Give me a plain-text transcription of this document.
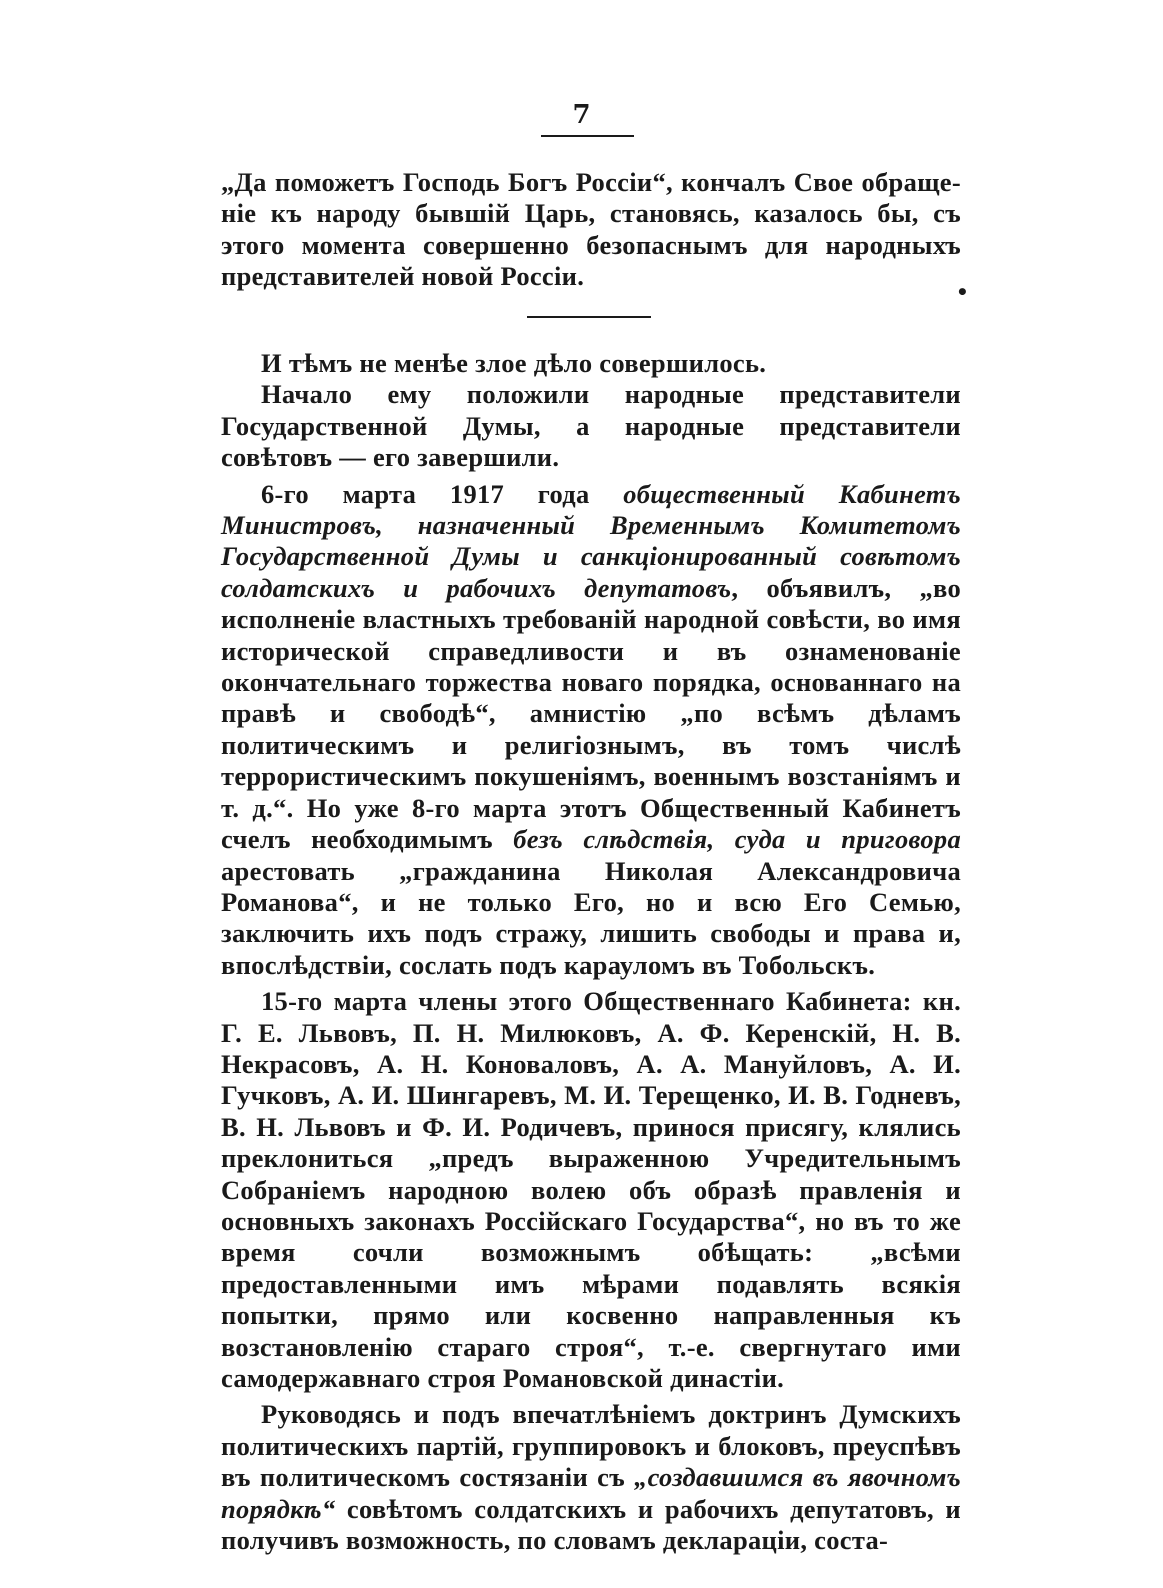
7

„Да поможетъ Господь Богъ Россiи“, кончалъ Свое обраще-

нiе къ народу бывшiй Царь, становясь, казалось бы, съ

этого момента совершенно безопаснымъ для народныхъ

представителей новой Россiи.

•

И тѣмъ не менѣе злое дѣло совершилось.

Начало ему положили народные представители Государственной Думы, а народные представители совѣтовъ — его завершили.

6-го марта 1917 года общественный Кабинетъ Министровъ, назначенный Временнымъ Комитетомъ Государственной Думы и санкцiонированный совѣтомъ солдатскихъ и рабочихъ депутатовъ, объявилъ, „во исполненiе властныхъ требованiй народной совѣсти, во имя исторической справедливости и въ ознаменованiе окончательнаго торжества новаго порядка, основаннаго на правѣ и свободѣ“, амнистiю „по всѣмъ дѣламъ политическимъ и религiознымъ, въ томъ числѣ террористическимъ покушенiямъ, военнымъ возстанiямъ и т. д.“. Но уже 8-го марта этотъ Общественный Кабинетъ счелъ необходимымъ безъ слѣдствiя, суда и приговора арестовать „гражданина Николая Александровича Романова“, и не только Его, но и всю Его Семью, заключить ихъ подъ стражу, лишить свободы и права и, впослѣдствiи, сослать подъ карауломъ въ Тобольскъ.

15-го марта члены этого Общественнаго Кабинета: кн. Г. Е. Львовъ, П. Н. Милюковъ, А. Ф. Керенскiй, Н. В. Некрасовъ, А. Н. Коноваловъ, А. А. Мануйловъ, А. И. Гучковъ, А. И. Шингаревъ, М. И. Терещенко, И. В. Годневъ, В. Н. Львовъ и Ф. И. Родичевъ, принося присягу, клялись преклониться „предъ выраженною Учредительнымъ Собранiемъ народною волею объ образѣ правленiя и основныхъ законахъ Россiйскаго Государства“, но въ то же время сочли возможнымъ обѣщать: „всѣми предоставленными имъ мѣрами подавлять всякiя попытки, прямо или косвенно направленныя къ возстановленiю стараго строя“, т.-е. свергнутаго ими самодержавнаго строя Романовской династiи.

Руководясь и подъ впечатлѣнiемъ доктринъ Думскихъ политическихъ партiй, группировокъ и блоковъ, преуспѣвъ въ политическомъ состязанiи съ „создавшимся въ явочномъ порядкѣ“ совѣтомъ солдатскихъ и рабочихъ депутатовъ, и получивъ возможность, по словамъ декларацiи, соста-
